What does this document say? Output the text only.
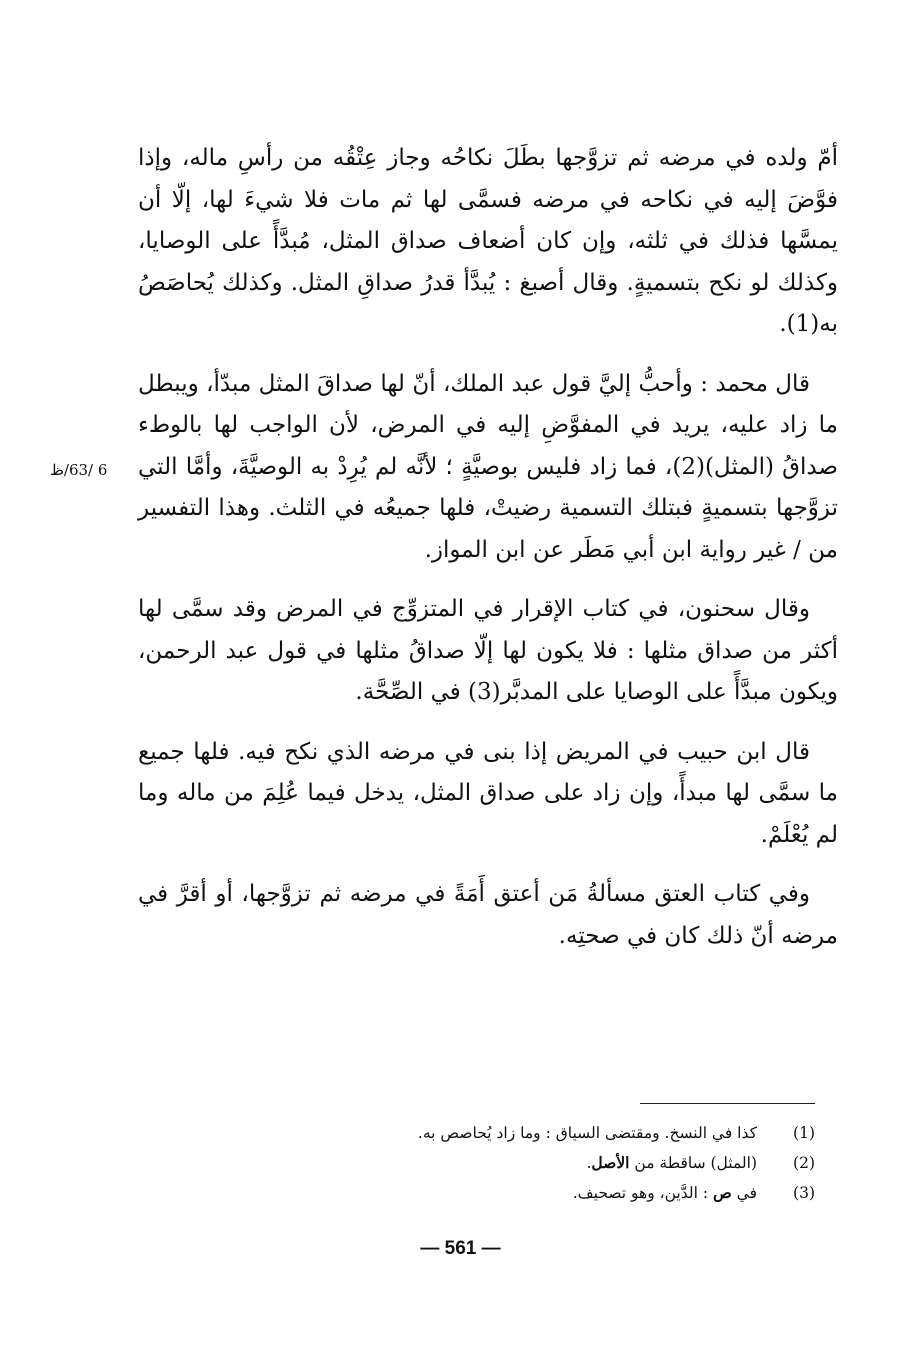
أمّ ولده في مرضه ثم تزوَّجها بطَلَ نكاحُه وجاز عِتْقُه من رأسِ ماله، وإذا فوَّضَ إليه في نكاحه في مرضه فسمَّى لها ثم مات فلا شيءَ لها، إلّا أن يمسَّها فذلك في ثلثه، وإن كان أضعاف صداق المثل، مُبدَّأً على الوصايا، وكذلك لو نكح بتسميةٍ. وقال أصبغ : يُبدَّأ قدرُ صداقِ المثل. وكذلك يُحاصَصُ به(1).

قال محمد : وأحبُّ إليَّ قول عبد الملك، أنّ لها صداقَ المثل مبدّأ، ويبطل ما زاد عليه، يريد في المفوَّضِ إليه في المرض، لأن الواجب لها بالوطء صداقُ (المثل)(2)، فما زاد فليس بوصيَّةٍ ؛ لأنَّه لم يُرِدْ به الوصيَّةَ، وأمَّا التي تزوَّجها بتسميةٍ فبتلك التسمية رضيتْ، فلها جميعُه في الثلث. وهذا التفسير من / غير رواية ابن أبي مَطَر عن ابن المواز.

وقال سحنون، في كتاب الإقرار في المتزوِّج في المرض وقد سمَّى لها أكثر من صداق مثلها : فلا يكون لها إلّا صداقُ مثلها في قول عبد الرحمن، ويكون مبدَّأً على الوصايا على المدبَّر(3) في الصِّحَّة.

قال ابن حبيب في المريض إذا بنى في مرضه الذي نكح فيه. فلها جميع ما سمَّى لها مبدأً، وإن زاد على صداق المثل، يدخل فيما عُلِمَ من ماله وما لم يُعْلَمْ.

وفي كتاب العتق مسألةُ مَن أعتق أَمَةً في مرضه ثم تزوَّجها، أو أقرَّ في مرضه أنّ ذلك كان في صحتِه.

6 /63/ظ
(1)
كذا في النسخ. ومقتضى السياق : وما زاد يُحاصص به.
(2)
(المثل) ساقطة من الأصل.
(3)
في ص : الدَّين، وهو تصحيف.
— 561 —
